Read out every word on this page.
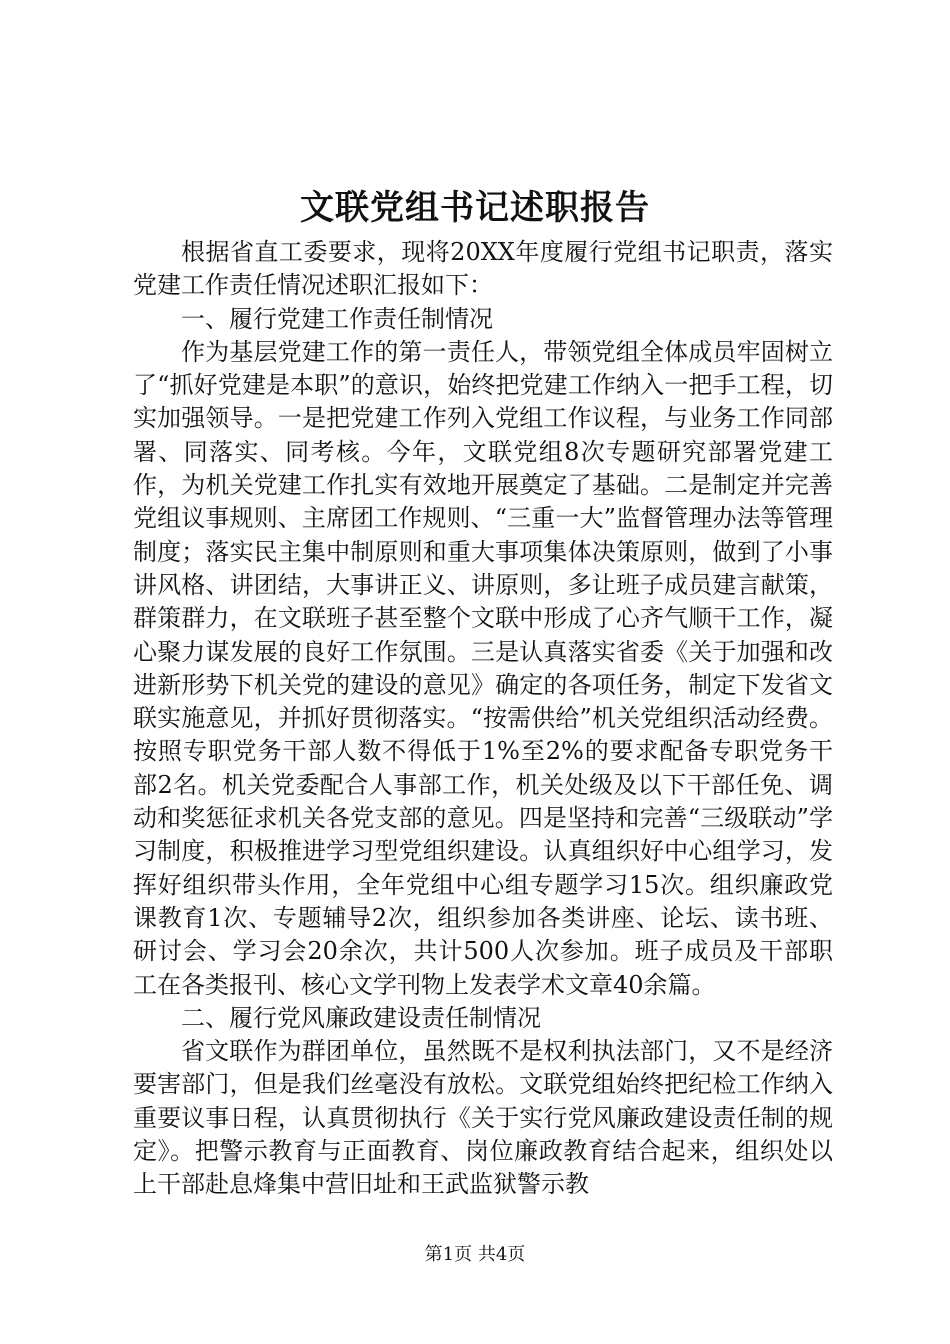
文联党组书记述职报告

根据省直工委要求，现将20XX年度履行党组书记职责，落实党建工作责任情况述职汇报如下：

一、履行党建工作责任制情况

作为基层党建工作的第一责任人，带领党组全体成员牢固树立了“抓好党建是本职”的意识，始终把党建工作纳入一把手工程，切实加强领导。一是把党建工作列入党组工作议程，与业务工作同部署、同落实、同考核。今年，文联党组8次专题研究部署党建工作，为机关党建工作扎实有效地开展奠定了基础。二是制定并完善党组议事规则、主席团工作规则、“三重一大”监督管理办法等管理制度；落实民主集中制原则和重大事项集体决策原则，做到了小事讲风格、讲团结，大事讲正义、讲原则，多让班子成员建言献策，群策群力，在文联班子甚至整个文联中形成了心齐气顺干工作，凝心聚力谋发展的良好工作氛围。三是认真落实省委《关于加强和改进新形势下机关党的建设的意见》确定的各项任务，制定下发省文联实施意见，并抓好贯彻落实。“按需供给”机关党组织活动经费。按照专职党务干部人数不得低于1%至2%的要求配备专职党务干部2名。机关党委配合人事部工作，机关处级及以下干部任免、调动和奖惩征求机关各党支部的意见。四是坚持和完善“三级联动”学习制度，积极推进学习型党组织建设。认真组织好中心组学习，发挥好组织带头作用，全年党组中心组专题学习15次。组织廉政党课教育1次、专题辅导2次，组织参加各类讲座、论坛、读书班、研讨会、学习会20余次，共计500人次参加。班子成员及干部职工在各类报刊、核心文学刊物上发表学术文章40余篇。

二、履行党风廉政建设责任制情况

省文联作为群团单位，虽然既不是权利执法部门，又不是经济要害部门，但是我们丝毫没有放松。文联党组始终把纪检工作纳入重要议事日程，认真贯彻执行《关于实行党风廉政建设责任制的规定》。把警示教育与正面教育、岗位廉政教育结合起来，组织处以上干部赴息烽集中营旧址和王武监狱警示教

第1页 共4页
